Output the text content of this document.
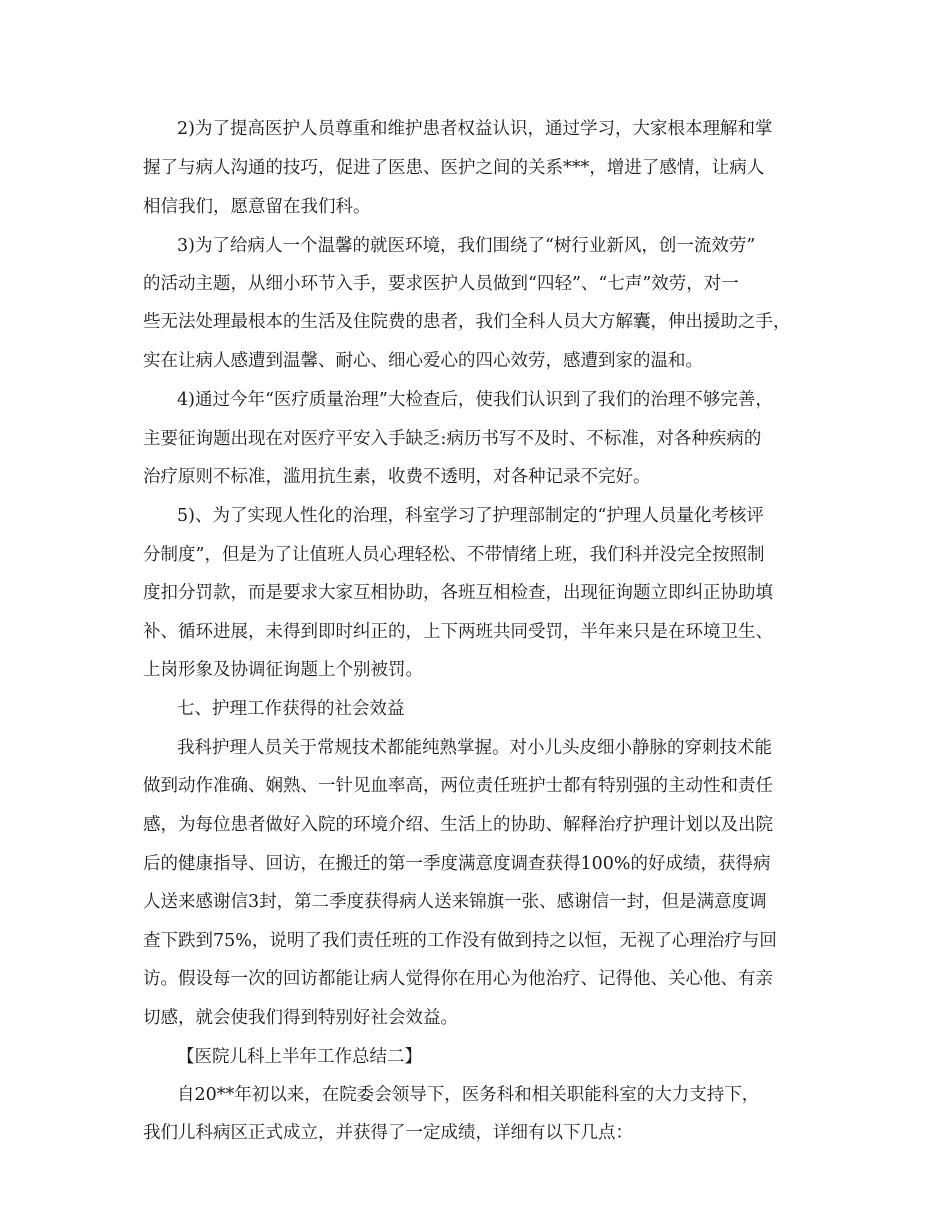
2)为了提高医护人员尊重和维护患者权益认识，通过学习，大家根本理解和掌

握了与病人沟通的技巧，促进了医患、医护之间的关系***，增进了感情，让病人

相信我们，愿意留在我们科。

3)为了给病人一个温馨的就医环境，我们围绕了“树行业新风，创一流效劳”

的活动主题，从细小环节入手，要求医护人员做到“四轻”、“七声”效劳，对一

些无法处理最根本的生活及住院费的患者，我们全科人员大方解囊，伸出援助之手，

实在让病人感遭到温馨、耐心、细心爱心的四心效劳，感遭到家的温和。

4)通过今年“医疗质量治理”大检查后，使我们认识到了我们的治理不够完善，

主要征询题出现在对医疗平安入手缺乏:病历书写不及时、不标准，对各种疾病的

治疗原则不标准，滥用抗生素，收费不透明，对各种记录不完好。

5)、为了实现人性化的治理，科室学习了护理部制定的“护理人员量化考核评

分制度”，但是为了让值班人员心理轻松、不带情绪上班，我们科并没完全按照制

度扣分罚款，而是要求大家互相协助，各班互相检查，出现征询题立即纠正协助填

补、循环进展，未得到即时纠正的，上下两班共同受罚，半年来只是在环境卫生、

上岗形象及协调征询题上个别被罚。

七、护理工作获得的社会效益

我科护理人员关于常规技术都能纯熟掌握。对小儿头皮细小静脉的穿刺技术能

做到动作准确、娴熟、一针见血率高，两位责任班护士都有特别强的主动性和责任

感，为每位患者做好入院的环境介绍、生活上的协助、解释治疗护理计划以及出院

后的健康指导、回访，在搬迁的第一季度满意度调查获得100%的好成绩，获得病

人送来感谢信3封，第二季度获得病人送来锦旗一张、感谢信一封，但是满意度调

查下跌到75%，说明了我们责任班的工作没有做到持之以恒，无视了心理治疗与回

访。假设每一次的回访都能让病人觉得你在用心为他治疗、记得他、关心他、有亲

切感，就会使我们得到特别好社会效益。

【医院儿科上半年工作总结二】

自20**年初以来，在院委会领导下，医务科和相关职能科室的大力支持下，

我们儿科病区正式成立，并获得了一定成绩，详细有以下几点：
